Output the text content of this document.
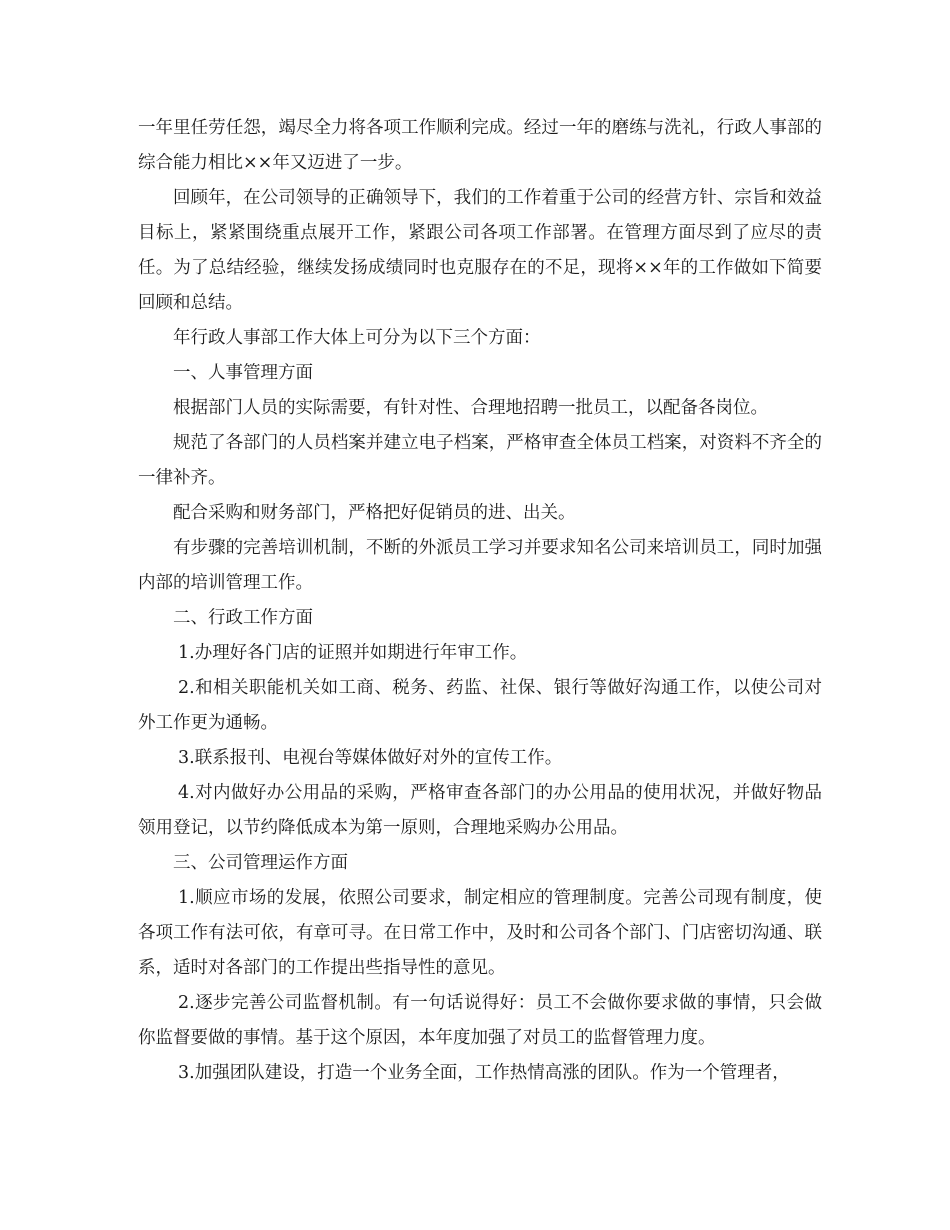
一年里任劳任怨，竭尽全力将各项工作顺利完成。经过一年的磨练与洗礼，行政人事部的综合能力相比××年又迈进了一步。

回顾年，在公司领导的正确领导下，我们的工作着重于公司的经营方针、宗旨和效益目标上，紧紧围绕重点展开工作，紧跟公司各项工作部署。在管理方面尽到了应尽的责任。为了总结经验，继续发扬成绩同时也克服存在的不足，现将××年的工作做如下简要回顾和总结。

年行政人事部工作大体上可分为以下三个方面：

一、人事管理方面

根据部门人员的实际需要，有针对性、合理地招聘一批员工，以配备各岗位。

规范了各部门的人员档案并建立电子档案，严格审查全体员工档案，对资料不齐全的一律补齐。

配合采购和财务部门，严格把好促销员的进、出关。

有步骤的完善培训机制，不断的外派员工学习并要求知名公司来培训员工，同时加强内部的培训管理工作。

二、行政工作方面

1.办理好各门店的证照并如期进行年审工作。

2.和相关职能机关如工商、税务、药监、社保、银行等做好沟通工作，以使公司对外工作更为通畅。

3.联系报刊、电视台等媒体做好对外的宣传工作。

4.对内做好办公用品的采购，严格审查各部门的办公用品的使用状况，并做好物品领用登记，以节约降低成本为第一原则，合理地采购办公用品。

三、公司管理运作方面

1.顺应市场的发展，依照公司要求，制定相应的管理制度。完善公司现有制度，使各项工作有法可依，有章可寻。在日常工作中，及时和公司各个部门、门店密切沟通、联系，适时对各部门的工作提出些指导性的意见。

2.逐步完善公司监督机制。有一句话说得好：员工不会做你要求做的事情，只会做你监督要做的事情。基于这个原因，本年度加强了对员工的监督管理力度。

3.加强团队建设，打造一个业务全面，工作热情高涨的团队。作为一个管理者，
